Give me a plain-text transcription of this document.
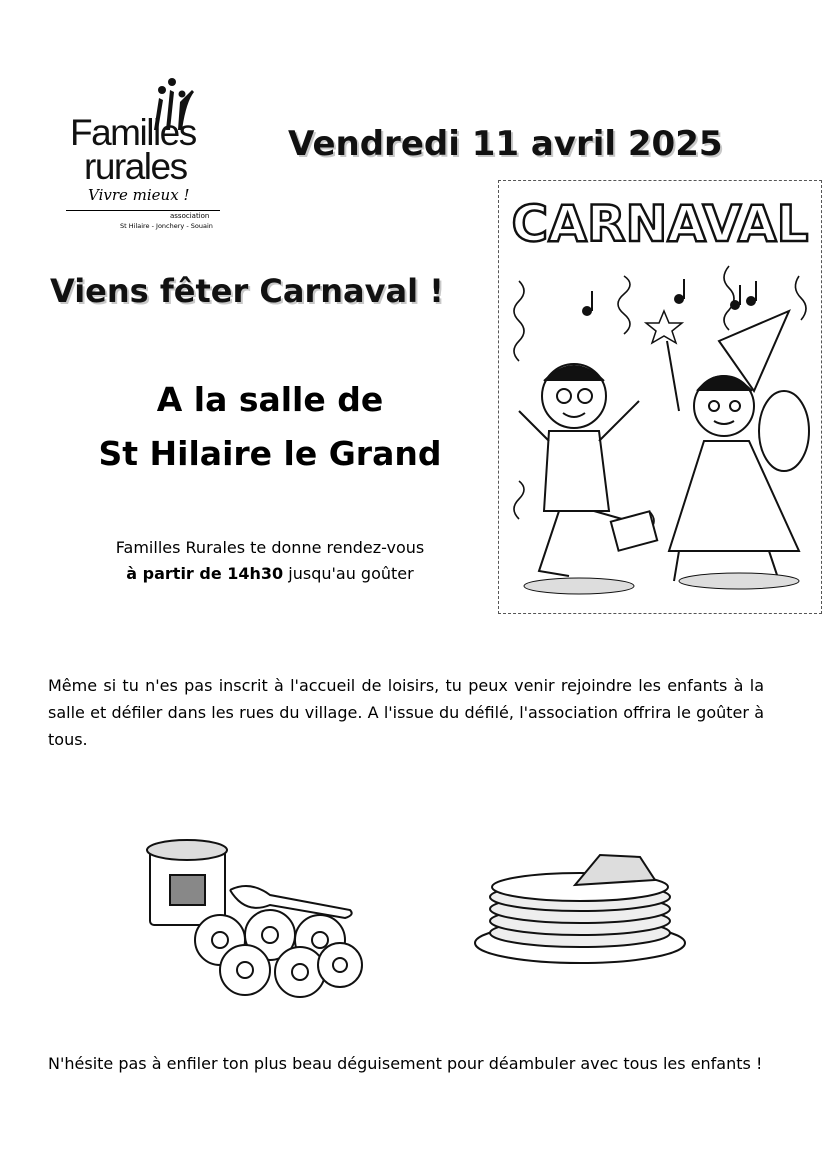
Familles
rurales
Vivre mieux !
association
St Hilaire - Jonchery - Souain
Vendredi 11 avril 2025
Viens fêter Carnaval !
A la salle de
St Hilaire le Grand
Familles Rurales te donne rendez-vous
à partir de 14h30 jusqu'au goûter
CARNAVAL
Même si tu n'es pas inscrit à l'accueil de loisirs, tu peux venir rejoindre les enfants à la salle et défiler dans les rues du village. A l'issue du défilé, l'association offrira le goûter à tous.
N'hésite pas à enfiler ton plus beau déguisement pour déambuler avec tous les enfants !
